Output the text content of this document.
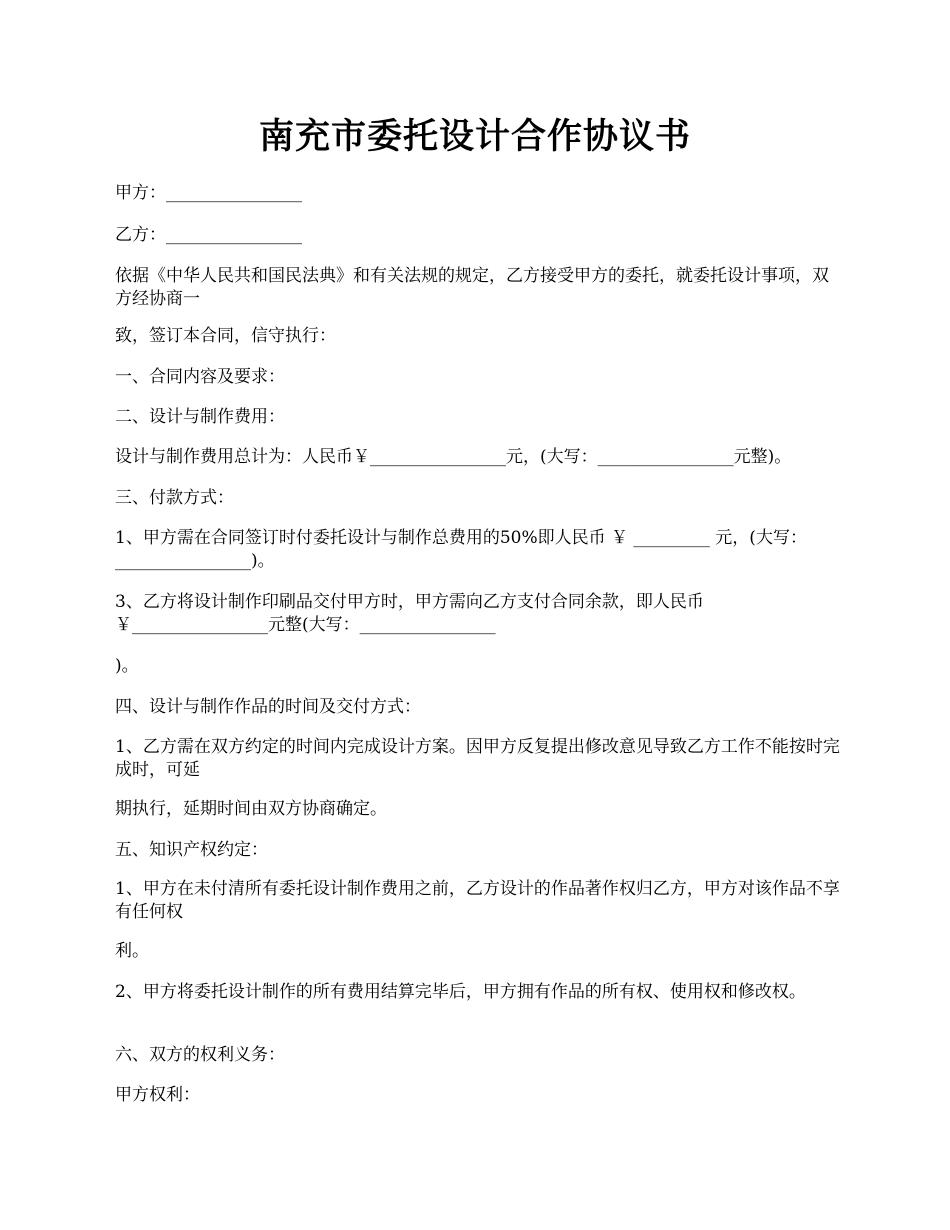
南充市委托设计合作协议书

甲方：________________

乙方：________________

依据《中华人民共和国民法典》和有关法规的规定，乙方接受甲方的委托，就委托设计事项，双方经协商一

致，签订本合同，信守执行：

一、合同内容及要求：

二、设计与制作费用：

设计与制作费用总计为：人民币￥________________元，(大写：________________元整)。

三、付款方式：

1、甲方需在合同签订时付委托设计与制作总费用的50%即人民币 ￥ _________ 元，(大写：________________)。

3、乙方将设计制作印刷品交付甲方时，甲方需向乙方支付合同余款，即人民币￥________________元整(大写：________________

)。

四、设计与制作作品的时间及交付方式：

1、乙方需在双方约定的时间内完成设计方案。因甲方反复提出修改意见导致乙方工作不能按时完成时，可延

期执行，延期时间由双方协商确定。

五、知识产权约定：

1、甲方在未付清所有委托设计制作费用之前，乙方设计的作品著作权归乙方，甲方对该作品不享有任何权

利。

2、甲方将委托设计制作的所有费用结算完毕后，甲方拥有作品的所有权、使用权和修改权。

六、双方的权利义务：

甲方权利：
